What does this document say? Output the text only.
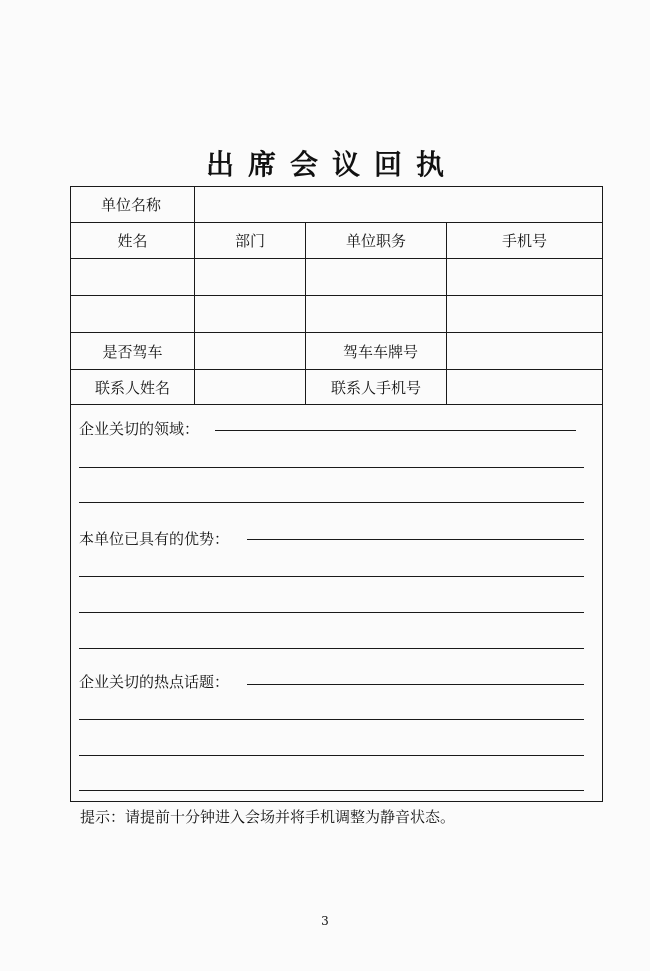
出席会议回执
单位名称			
姓名	部门	单位职务	手机号

是否驾车		驾车车牌号	
联系人姓名		联系人手机号	

企业关切的领域：
本单位已具有的优势：
企业关切的热点话题：			
提示：请提前十分钟进入会场并将手机调整为静音状态。
3
